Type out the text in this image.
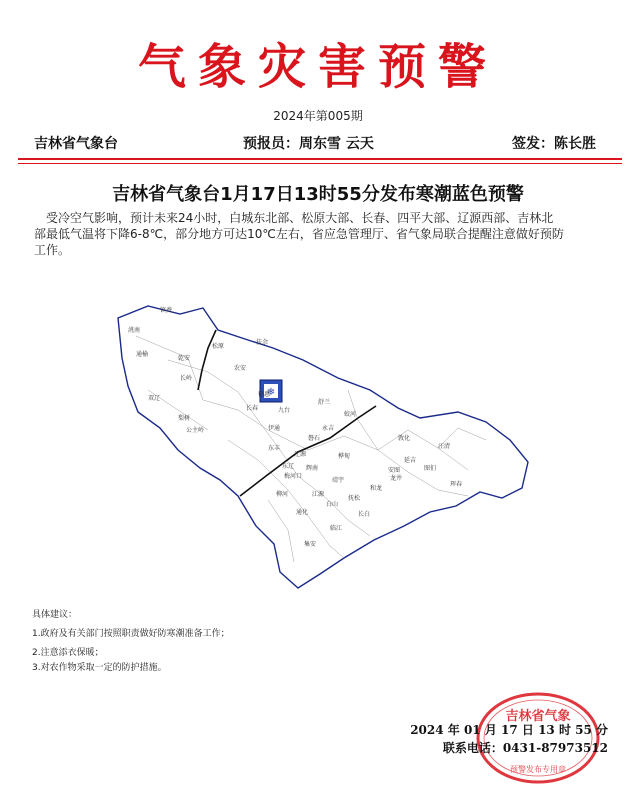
气象灾害预警
2024年第005期
吉林省气象台	预报员：周东雪 云天	签发：陈长胜
吉林省气象台1月17日13时55分发布寒潮蓝色预警
受冷空气影响，预计未来24小时，白城东北部、松原大部、长春、四平大部、辽源西部、吉林北
部最低气温将下降6-8℃，部分地方可达10℃左右，省应急管理厅、省气象局联合提醒注意做好预防
工作。
❄
镇赉
洮南
通榆
乾安
松原
扶余
农安
长岭
双辽
梨树
公主岭
长春	九台
德惠
舒兰
蛟河
敦化
磐石
永吉
桦甸
安图
和龙
龙井
延吉
图们
珲春
汪清
东丰
辽源
东辽
伊通
梅河口
柳河
辉南
靖宇
抚松
临江
长白
通化
集安
江源
白山
具体建议：
1.政府及有关部门按照职责做好防寒潮准备工作；
2.注意添衣保暖；
3.对农作物采取一定的防护措施。
吉林省气象
预警发布专用章
2024 年 01 月 17 日 13 时 55 分
联系电话：0431-87973512
